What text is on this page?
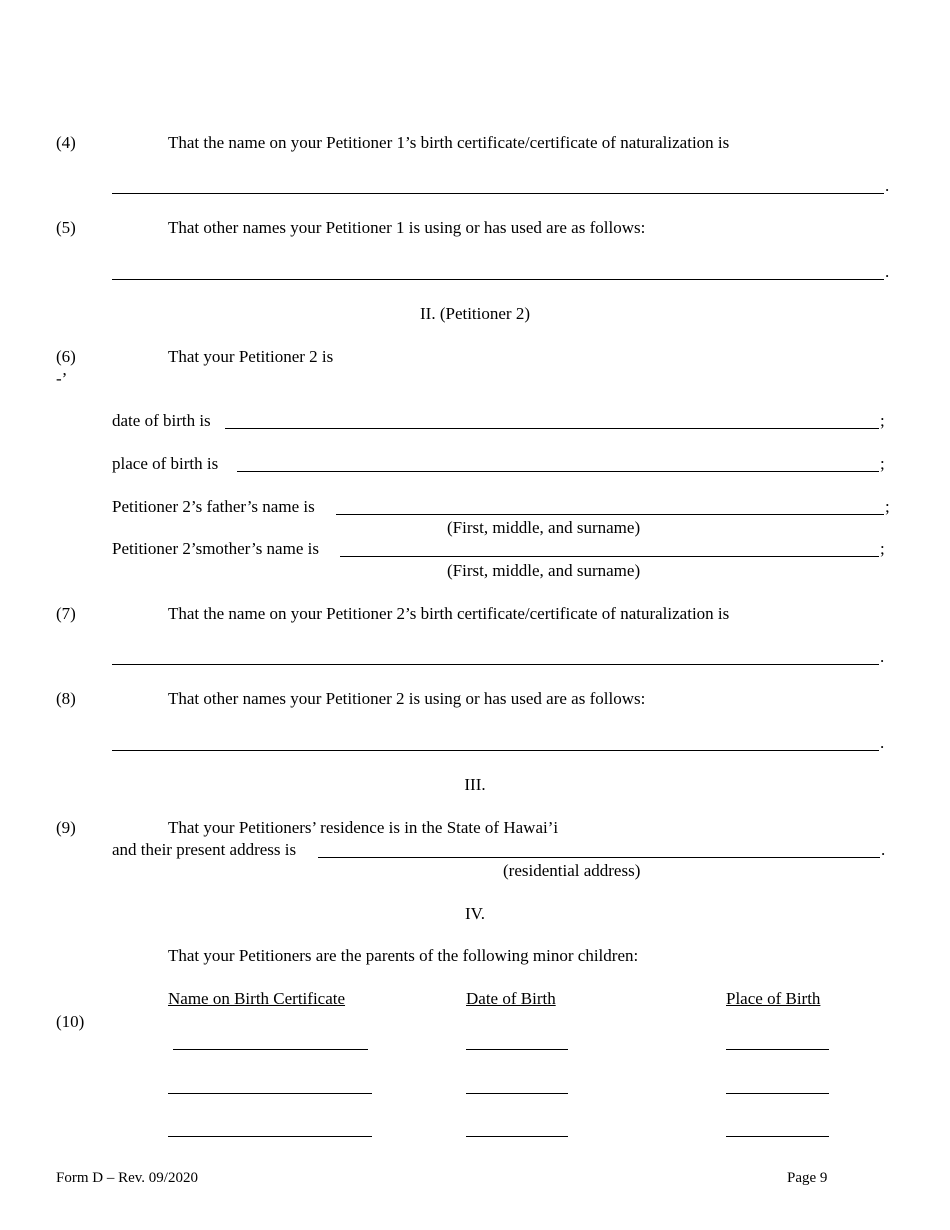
(4)	That the name on your Petitioner 1’s birth certificate/certificate of naturalization is
.
(5)	That other names your Petitioner 1 is using or has used are as follows:
.
II. (Petitioner 2)
(6)	That your Petitioner 2 is
-’
date of birth is	;
place of birth is	;
Petitioner 2’s father’s name is	;
(First, middle, and surname)
Petitioner 2’smother’s name is	;
(First, middle, and surname)
(7)	That the name on your Petitioner 2’s birth certificate/certificate of naturalization is
.
(8)	That other names your Petitioner 2 is using or has used are as follows:
.
III.
(9)	That your Petitioners’ residence is in the State of Hawai’i
and their present address is	.
(residential address)
IV.
That your Petitioners are the parents of the following minor children:
Name on Birth Certificate	Date of Birth	Place of Birth
(10)
Form D – Rev. 09/2020	Page 9
